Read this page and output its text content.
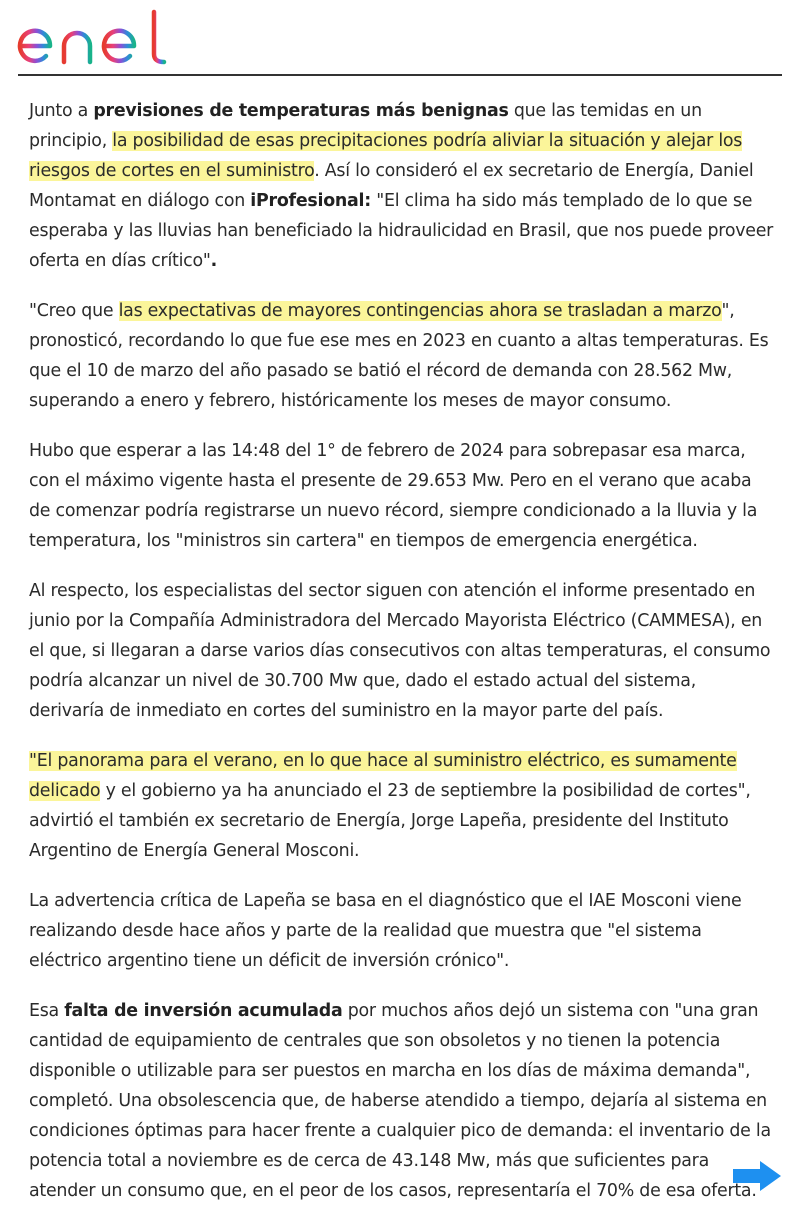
Junto a previsiones de temperaturas más benignas que las temidas en un principio, la posibilidad de esas precipitaciones podría aliviar la situación y alejar los riesgos de cortes en el suministro. Así lo consideró el ex secretario de Energía, Daniel Montamat en diálogo con iProfesional: "El clima ha sido más templado de lo que se esperaba y las lluvias han beneficiado la hidraulicidad en Brasil, que nos puede proveer oferta en días crítico".

"Creo que las expectativas de mayores contingencias ahora se trasladan a marzo", pronosticó, recordando lo que fue ese mes en 2023 en cuanto a altas temperaturas. Es que el 10 de marzo del año pasado se batió el récord de demanda con 28.562 Mw, superando a enero y febrero, históricamente los meses de mayor consumo.

Hubo que esperar a las 14:48 del 1° de febrero de 2024 para sobrepasar esa marca, con el máximo vigente hasta el presente de 29.653 Mw. Pero en el verano que acaba de comenzar podría registrarse un nuevo récord, siempre condicionado a la lluvia y la temperatura, los "ministros sin cartera" en tiempos de emergencia energética.

Al respecto, los especialistas del sector siguen con atención el informe presentado en junio por la Compañía Administradora del Mercado Mayorista Eléctrico (CAMMESA), en el que, si llegaran a darse varios días consecutivos con altas temperaturas, el consumo podría alcanzar un nivel de 30.700 Mw que, dado el estado actual del sistema, derivaría de inmediato en cortes del suministro en la mayor parte del país.

"El panorama para el verano, en lo que hace al suministro eléctrico, es sumamente delicado y el gobierno ya ha anunciado el 23 de septiembre la posibilidad de cortes", advirtió el también ex secretario de Energía, Jorge Lapeña, presidente del Instituto Argentino de Energía General Mosconi.

La advertencia crítica de Lapeña se basa en el diagnóstico que el IAE Mosconi viene realizando desde hace años y parte de la realidad que muestra que "el sistema eléctrico argentino tiene un déficit de inversión crónico".

Esa falta de inversión acumulada por muchos años dejó un sistema con "una gran cantidad de equipamiento de centrales que son obsoletos y no tienen la potencia disponible o utilizable para ser puestos en marcha en los días de máxima demanda", completó. Una obsolescencia que, de haberse atendido a tiempo, dejaría al sistema en condiciones óptimas para hacer frente a cualquier pico de demanda: el inventario de la potencia total a noviembre es de cerca de 43.148 Mw, más que suficientes para atender un consumo que, en el peor de los casos, representaría el 70% de esa oferta.
